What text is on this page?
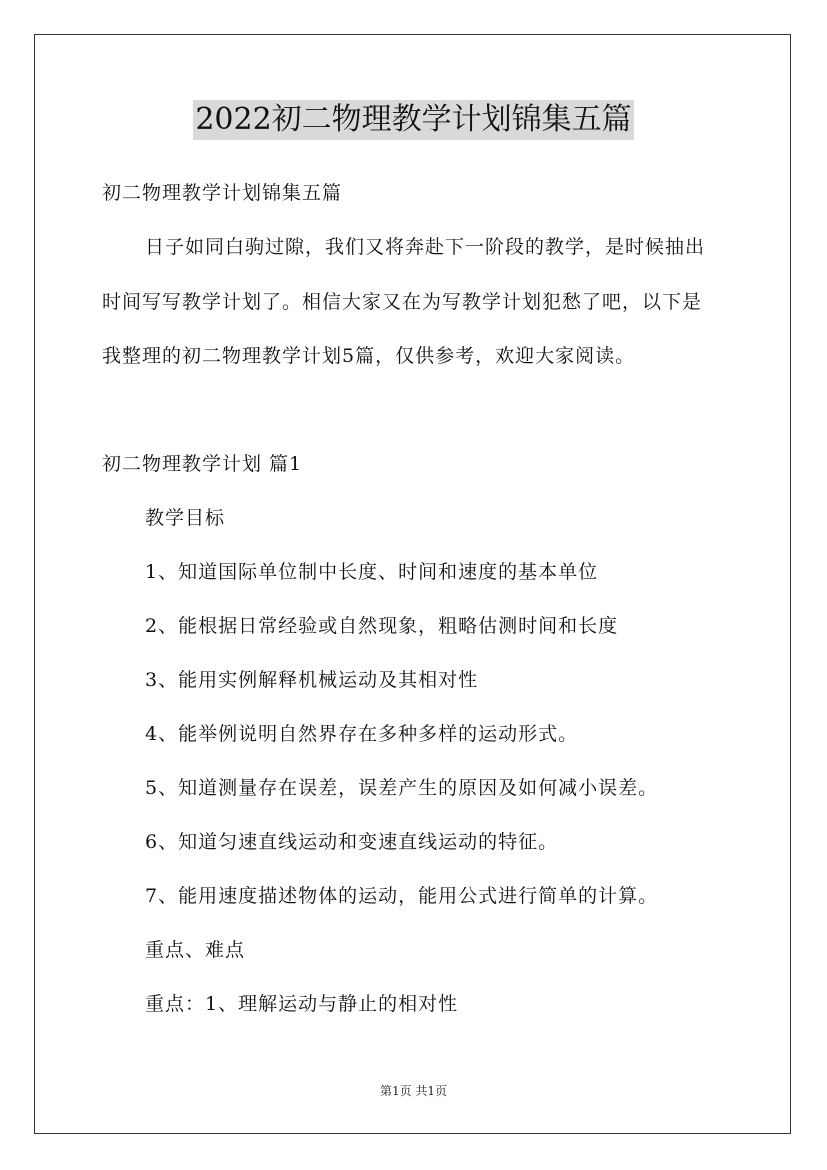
2022初二物理教学计划锦集五篇
初二物理教学计划锦集五篇
日子如同白驹过隙，我们又将奔赴下一阶段的教学，是时候抽出
时间写写教学计划了。相信大家又在为写教学计划犯愁了吧，以下是
我整理的初二物理教学计划5篇，仅供参考，欢迎大家阅读。
初二物理教学计划 篇1
教学目标
1、知道国际单位制中长度、时间和速度的基本单位
2、能根据日常经验或自然现象，粗略估测时间和长度
3、能用实例解释机械运动及其相对性
4、能举例说明自然界存在多种多样的运动形式。
5、知道测量存在误差，误差产生的原因及如何减小误差。
6、知道匀速直线运动和变速直线运动的特征。
7、能用速度描述物体的运动，能用公式进行简单的计算。
重点、难点
重点：1、理解运动与静止的相对性
第1页 共1页
